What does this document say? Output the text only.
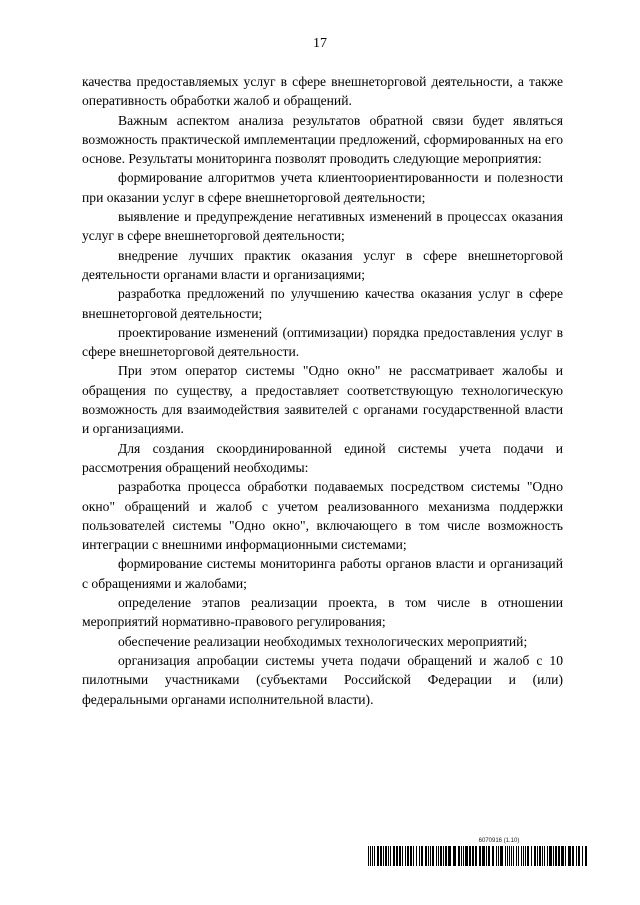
17

качества предоставляемых услуг в сфере внешнеторговой деятельности, а также оперативность обработки жалоб и обращений.

Важным аспектом анализа результатов обратной связи будет являться возможность практической имплементации предложений, сформированных на его основе. Результаты мониторинга позволят проводить следующие мероприятия:

формирование алгоритмов учета клиентоориентированности и полезности при оказании услуг в сфере внешнеторговой деятельности;

выявление и предупреждение негативных изменений в процессах оказания услуг в сфере внешнеторговой деятельности;

внедрение лучших практик оказания услуг в сфере внешнеторговой деятельности органами власти и организациями;

разработка предложений по улучшению качества оказания услуг в сфере внешнеторговой деятельности;

проектирование изменений (оптимизации) порядка предоставления услуг в сфере внешнеторговой деятельности.

При этом оператор системы "Одно окно" не рассматривает жалобы и обращения по существу, а предоставляет соответствующую технологическую возможность для взаимодействия заявителей с органами государственной власти и организациями.

Для создания скоординированной единой системы учета подачи и рассмотрения обращений необходимы:

разработка процесса обработки подаваемых посредством системы "Одно окно" обращений и жалоб с учетом реализованного механизма поддержки пользователей системы "Одно окно", включающего в том числе возможность интеграции с внешними информационными системами;

формирование системы мониторинга работы органов власти и организаций с обращениями и жалобами;

определение этапов реализации проекта, в том числе в отношении мероприятий нормативно-правового регулирования;

обеспечение реализации необходимых технологических мероприятий;

организация апробации системы учета подачи обращений и жалоб с 10 пилотными участниками (субъектами Российской Федерации и (или) федеральными органами исполнительной власти).

6070916 (1.10)
